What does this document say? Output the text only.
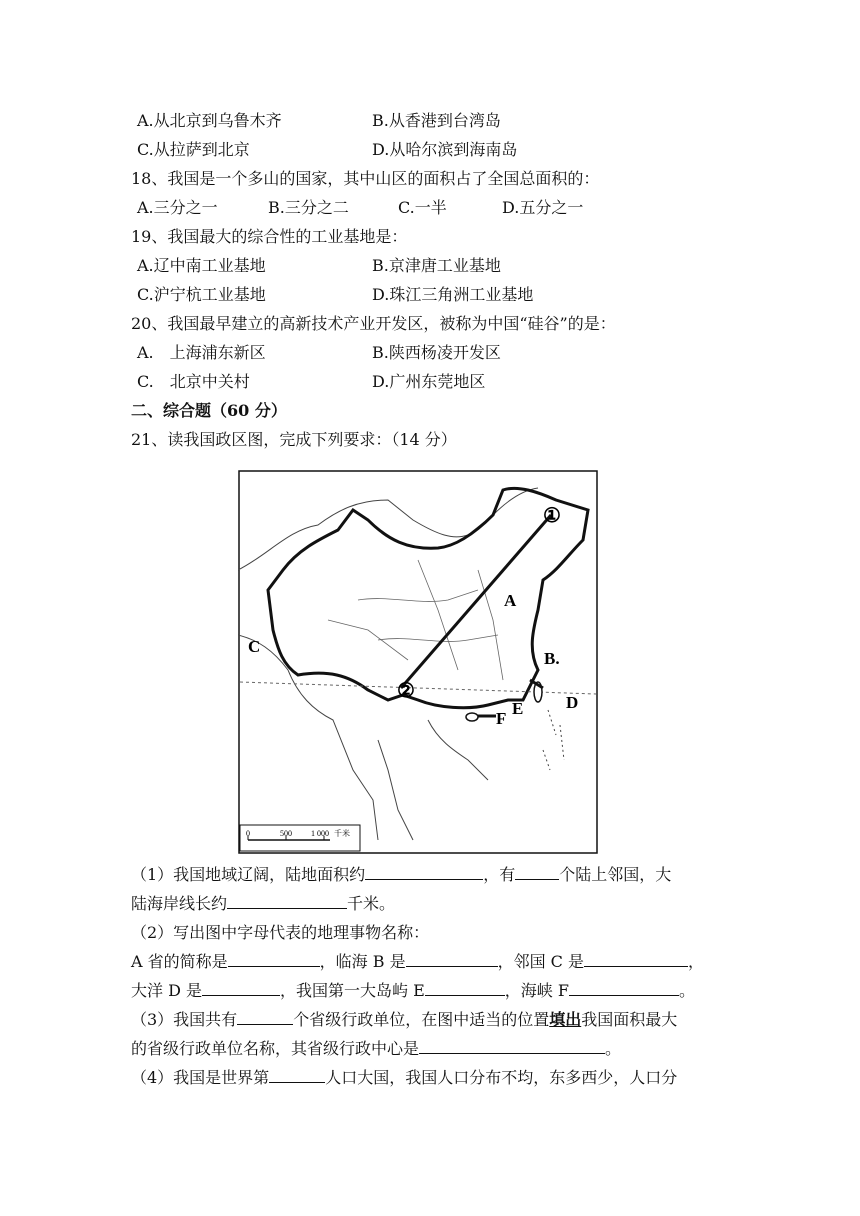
A.从北京到乌鲁木齐	B.从香港到台湾岛
C.从拉萨到北京	D.从哈尔滨到海南岛
18、我国是一个多山的国家，其中山区的面积占了全国总面积的：
A.三分之一	B.三分之二	C.一半	D.五分之一
19、我国最大的综合性的工业基地是：
A.辽中南工业基地	B.京津唐工业基地
C.沪宁杭工业基地	D.珠江三角洲工业基地
20、我国最早建立的高新技术产业开发区，被称为中国“硅谷”的是：
A.　上海浦东新区	B.陕西杨凌开发区
C.　北京中关村	D.广州东莞地区
二、综合题（60 分）
21、读我国政区图，完成下列要求：（14 分）
①
②
A
B.
C
D
E
F
0	500 1 000 千米
（1）我国地域辽阔，陆地面积约	，有	个陆上邻国，大
陆海岸线长约	千米。
（2）写出图中字母代表的地理事物名称：
A 省的简称是	，临海 B 是	，邻国 C 是	，
大洋 D 是	，我国第一大岛屿 E	，海峡 F	。
（3）我国共有	个省级行政单位，在图中适当的位置填出我国面积最大
的省级行政单位名称，其省级行政中心是	。
（4）我国是世界第	人口大国，我国人口分布不均，东多西少，人口分
